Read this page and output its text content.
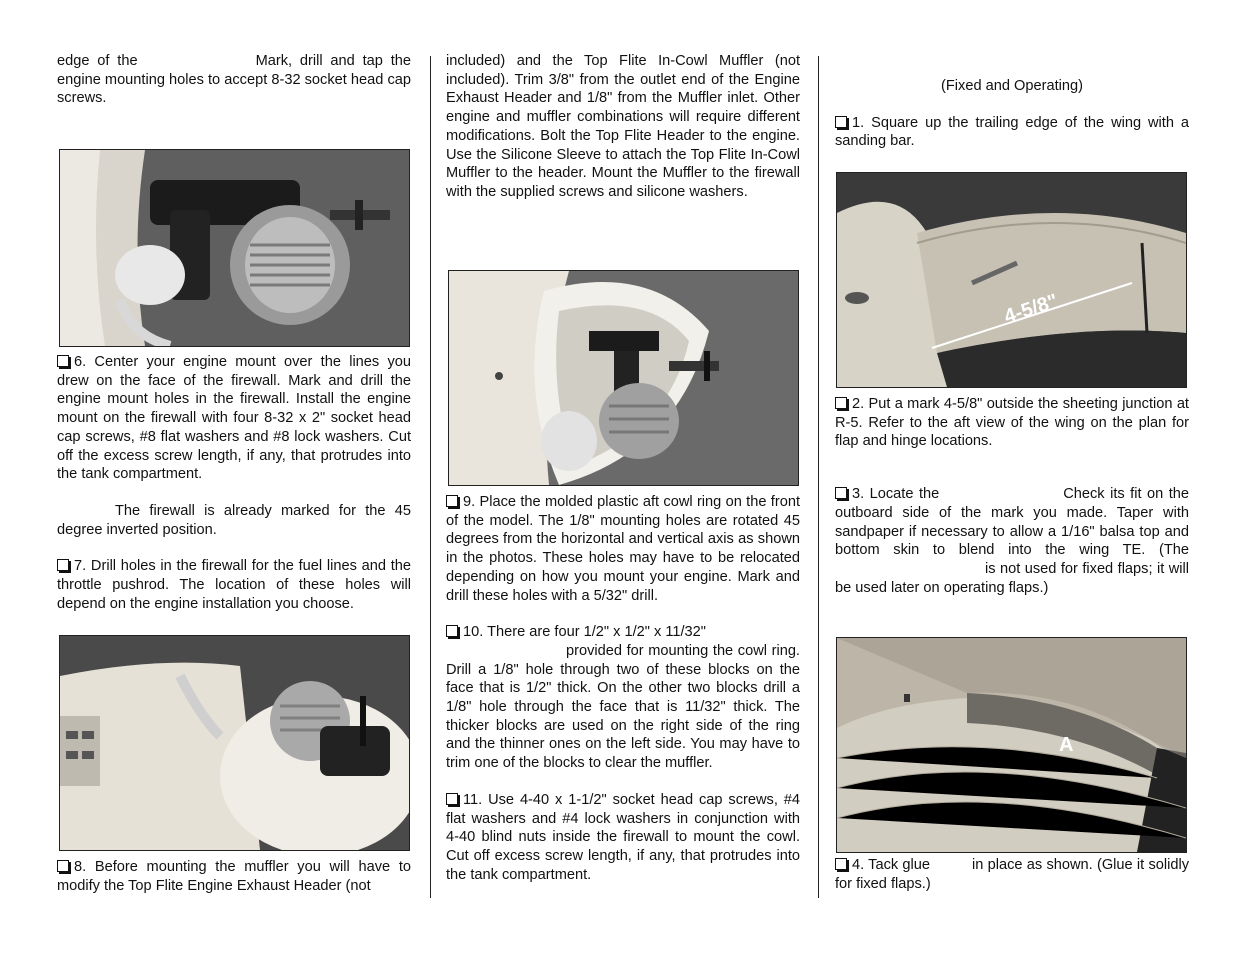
edge of the	Mark, drill and tap the engine mounting holes to accept 8-32 socket head cap screws.

6. Center your engine mount over the lines you drew on the face of the firewall. Mark and drill the engine mount holes in the firewall. Install the engine mount on the firewall with four 8-32 x 2" socket head cap screws, #8 flat washers and #8 lock washers. Cut off the excess screw length, if any, that protrudes into the tank compartment.

The firewall is already marked for the 45 degree inverted position.

7. Drill holes in the firewall for the fuel lines and the throttle pushrod. The location of these holes will depend on the engine installation you choose.

8. Before mounting the muffler you will have to modify the Top Flite Engine Exhaust Header (not

included) and the Top Flite In-Cowl Muffler (not included). Trim 3/8" from the outlet end of the Engine Exhaust Header and 1/8" from the Muffler inlet. Other engine and muffler combinations will require different modifications. Bolt the Top Flite Header to the engine. Use the Silicone Sleeve to attach the Top Flite In-Cowl Muffler to the header. Mount the Muffler to the firewall with the supplied screws and silicone washers.

9. Place the molded plastic aft cowl ring on the front of the model. The 1/8" mounting holes are rotated 45 degrees from the horizontal and vertical axis as shown in the photos. These holes may have to be relocated depending on how you mount your engine. Mark and drill these holes with a 5/32" drill.

10. There are four 1/2" x 1/2" x 11/32"
provided for mounting the cowl ring. Drill a 1/8" hole through two of these blocks on the face that is 1/2" thick. On the other two blocks drill a 1/8" hole through the face that is 11/32" thick. The thicker blocks are used on the right side of the ring and the thinner ones on the left side. You may have to trim one of the blocks to clear the muffler.

11. Use 4-40 x 1-1/2" socket head cap screws, #4 flat washers and #4 lock washers in conjunction with 4-40 blind nuts inside the firewall to mount the cowl. Cut off excess screw length, if any, that protrudes into the tank compartment.

(Fixed and Operating)

1. Square up the trailing edge of the wing with a sanding bar.

4-5/8"

2. Put a mark 4-5/8" outside the sheeting junction at R-5. Refer to the aft view of the wing on the plan for flap and hinge locations.

3. Locate the	Check its fit on the outboard side of the mark you made. Taper with sandpaper if necessary to allow a 1/16" balsa top and bottom skin to blend into the wing TE. (Theis not used for fixed flaps; it will be used later on operating flaps.)

A

4. Tack glue	in place as shown. (Glue it solidly for fixed flaps.)
